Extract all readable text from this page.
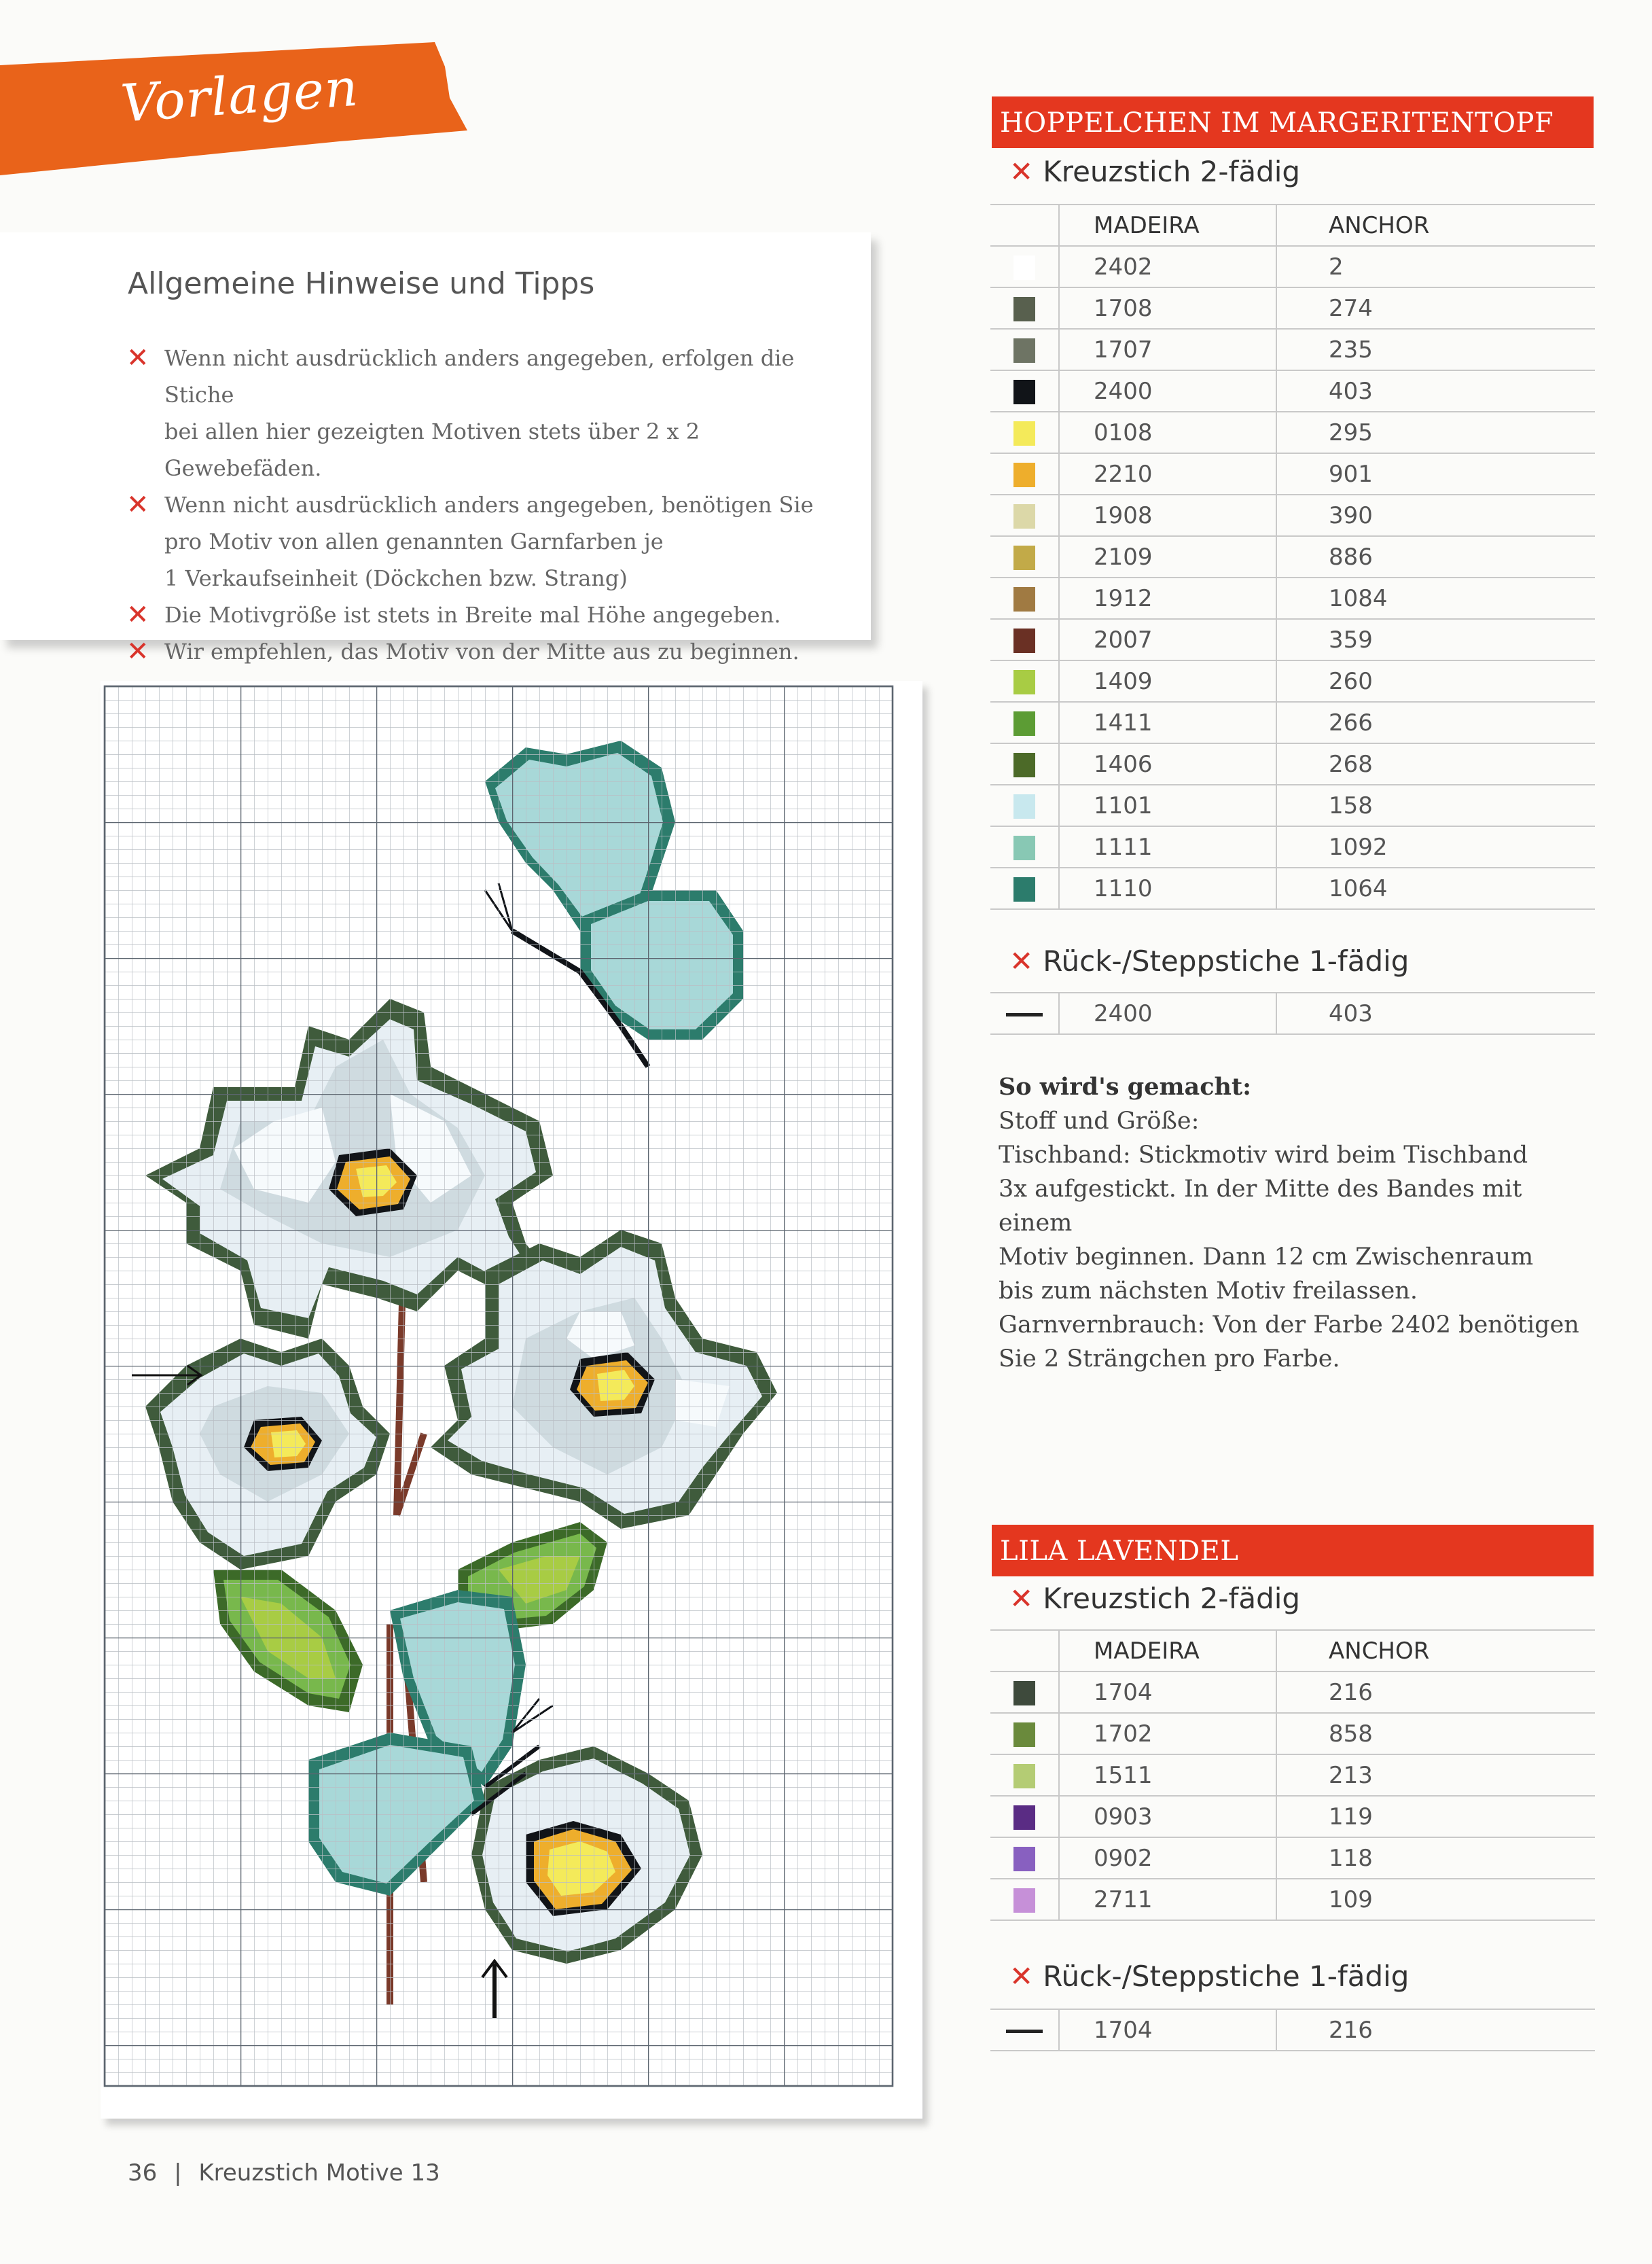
Vorlagen
Allgemeine Hinweise und Tipps
✕ Wenn nicht ausdrücklich anders angegeben, erfolgen die Stiche
bei allen hier gezeigten Motiven stets über 2 x 2 Gewebefäden.
✕ Wenn nicht ausdrücklich anders angegeben, benötigen Sie
pro Motiv von allen genannten Garnfarben je
1 Verkaufseinheit (Döckchen bzw. Strang)
✕ Die Motivgröße ist stets in Breite mal Höhe angegeben.
✕ Wir empfehlen, das Motiv von der Mitte aus zu beginnen.
HOPPELCHEN IM MARGERITENTOPF
✕ Kreuzstich 2-fädig
	MADEIRA	ANCHOR
	2402	2
	1708	274
	1707	235
	2400	403
	0108	295
	2210	901
	1908	390
	2109	886
	1912	1084
	2007	359
	1409	260
	1411	266
	1406	268
	1101	158
	1111	1092
	1110	1064
✕ Rück-/Steppstiche 1-fädig
	2400	403
So wird's gemacht:
Stoff und Größe:
Tischband: Stickmotiv wird beim Tischband
3x aufgestickt. In der Mitte des Bandes mit einem
Motiv beginnen. Dann 12 cm Zwischenraum
bis zum nächsten Motiv freilassen.
Garnvernbrauch: Von der Farbe 2402 benötigen
Sie 2 Strängchen pro Farbe.
LILA LAVENDEL
✕ Kreuzstich 2-fädig
	MADEIRA	ANCHOR
	1704	216
	1702	858
	1511	213
	0903	119
	0902	118
	2711	109
✕ Rück-/Steppstiche 1-fädig
	1704	216
36 | Kreuzstich Motive 13
